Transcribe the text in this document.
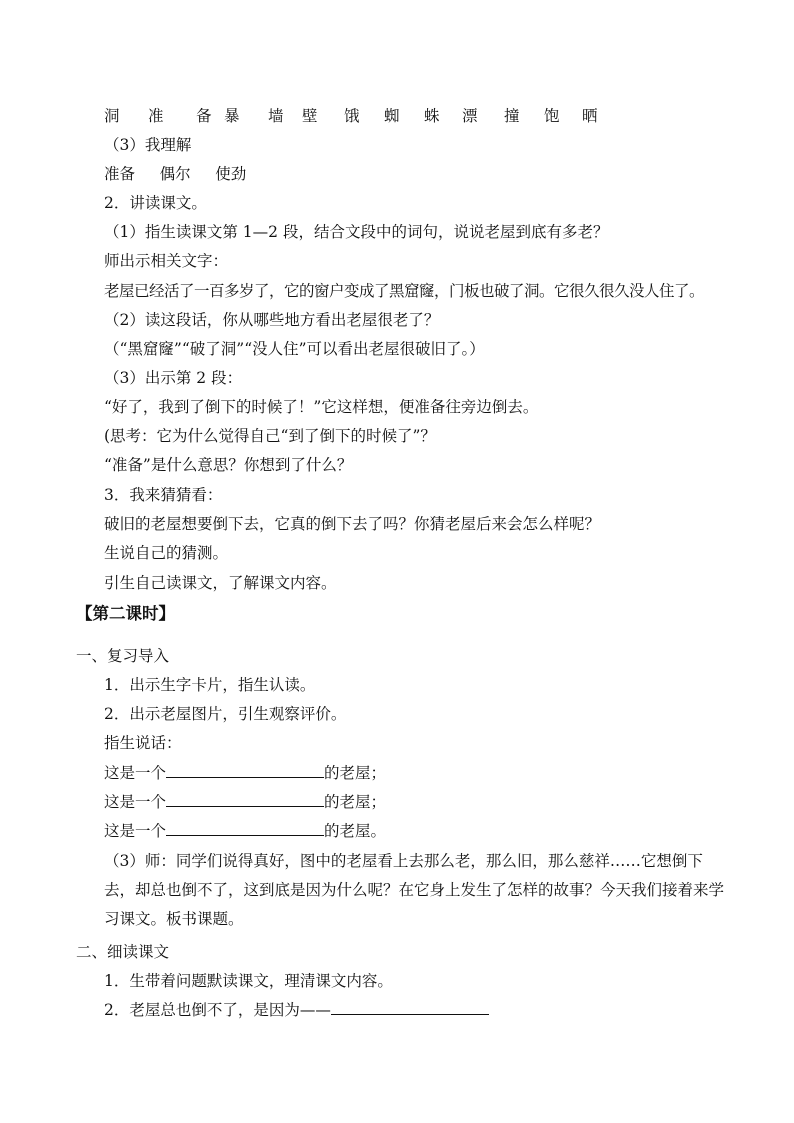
洞 准 备 暴 墙 壁 饿 蜘 蛛 漂 撞 饱 晒
（3）我理解
准备     偶尔     使劲
2．讲读课文。
（1）指生读课文第 1—2 段，结合文段中的词句，说说老屋到底有多老？
师出示相关文字：
老屋已经活了一百多岁了，它的窗户变成了黑窟窿，门板也破了洞。它很久很久没人住了。
（2）读这段话，你从哪些地方看出老屋很老了？
（“黑窟窿”“破了洞”“没人住”可以看出老屋很破旧了。）
（3）出示第 2 段：
“好了，我到了倒下的时候了！”它这样想，便准备往旁边倒去。
(思考：它为什么觉得自己“到了倒下的时候了”？
“准备”是什么意思？你想到了什么？
3．我来猜猜看：
破旧的老屋想要倒下去，它真的倒下去了吗？你猜老屋后来会怎么样呢？
生说自己的猜测。
引生自己读课文，了解课文内容。
【第二课时】
一、复习导入
1．出示生字卡片，指生认读。
2．出示老屋图片，引生观察评价。
指生说话：
这是一个	的老屋；
这是一个	的老屋；
这是一个	的老屋。
（3）师：同学们说得真好，图中的老屋看上去那么老，那么旧，那么慈祥……它想倒下去，却总也倒不了，这到底是因为什么呢？在它身上发生了怎样的故事？今天我们接着来学习课文。板书课题。
二、细读课文
1．生带着问题默读课文，理清课文内容。
2．老屋总也倒不了，是因为——
